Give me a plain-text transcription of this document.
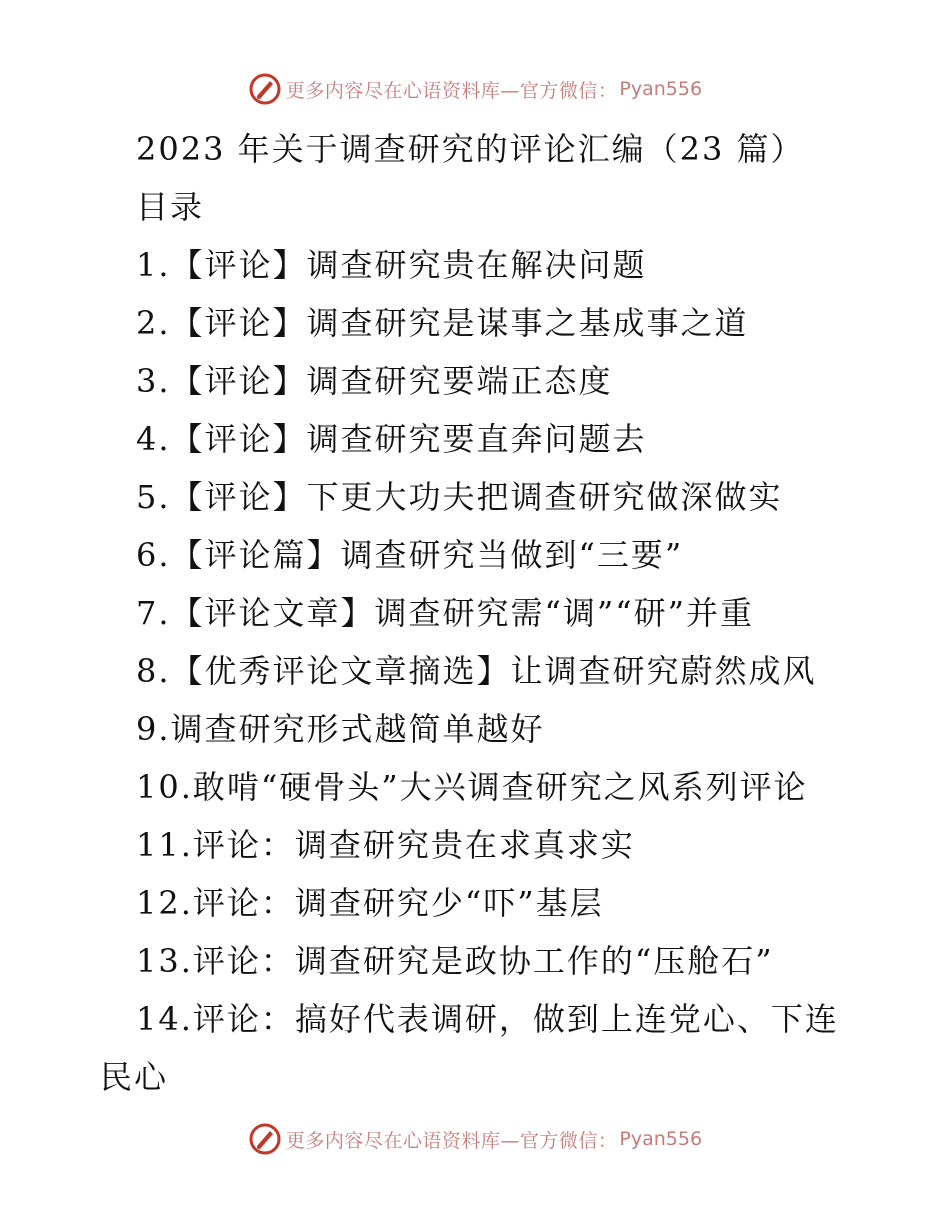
更多内容尽在心语资料库—官方微信： Pyan556
2023 年关于调查研究的评论汇编（23 篇）
目录
1.【评论】调查研究贵在解决问题
2.【评论】调查研究是谋事之基成事之道
3.【评论】调查研究要端正态度
4.【评论】调查研究要直奔问题去
5.【评论】下更大功夫把调查研究做深做实
6.【评论篇】调查研究当做到“三要”
7.【评论文章】调查研究需“调”“研”并重
8.【优秀评论文章摘选】让调查研究蔚然成风
9.调查研究形式越简单越好
10.敢啃“硬骨头”大兴调查研究之风系列评论
11.评论：调查研究贵在求真求实
12.评论：调查研究少“吓”基层
13.评论：调查研究是政协工作的“压舱石”
14.评论：搞好代表调研，做到上连党心、下连民心
更多内容尽在心语资料库—官方微信： Pyan556
